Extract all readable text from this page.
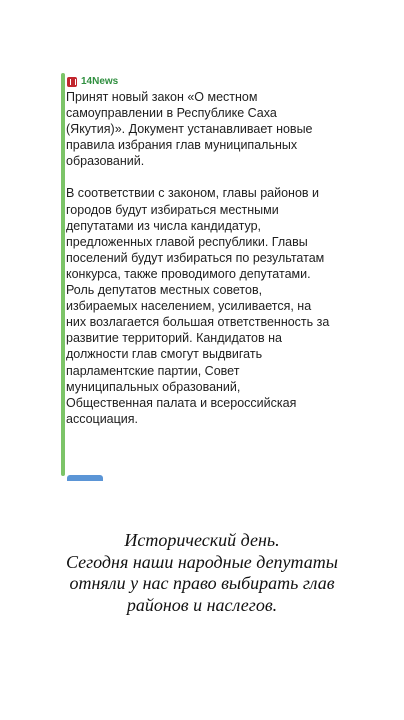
14News

Принят новый закон «О местном самоуправлении в Республике Саха (Якутия)». Документ устанавливает новые правила избрания глав муниципальных образований.

В соответствии с законом, главы районов и городов будут избираться местными депутатами из числа кандидатур, предложенных главой республики. Главы поселений будут избираться по результатам конкурса, также проводимого депутатами. Роль депутатов местных советов, избираемых населением, усиливается, на них возлагается большая ответственность за развитие территорий. Кандидатов на должности глав смогут выдвигать парламентские партии, Совет муниципальных образований, Общественная палата и всероссийская ассоциация.

Исторический день.
Сегодня наши народные депутаты
отняли у нас право выбирать глав
районов и наслегов.
